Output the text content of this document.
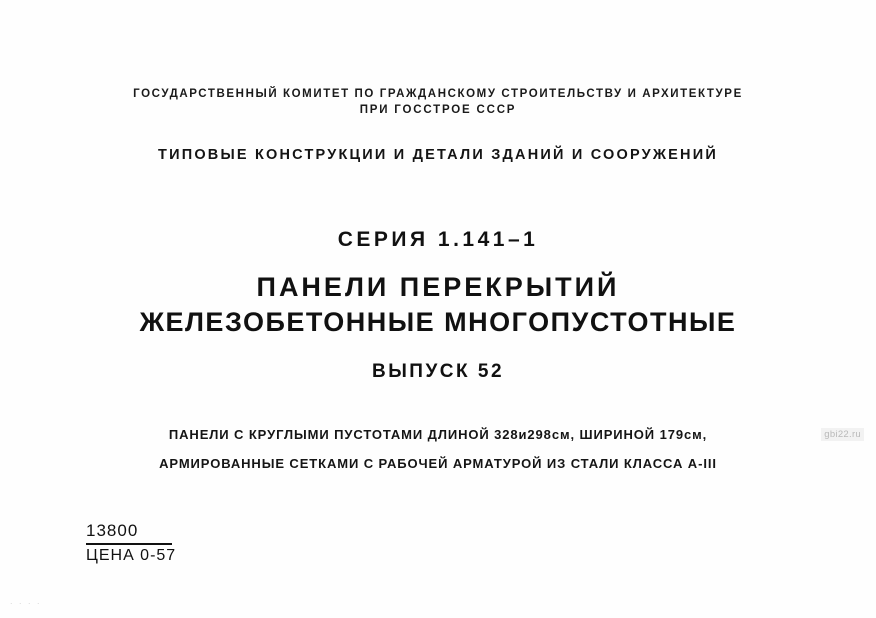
ГОСУДАРСТВЕННЫЙ КОМИТЕТ ПО ГРАЖДАНСКОМУ СТРОИТЕЛЬСТВУ И АРХИТЕКТУРЕ
ПРИ ГОССТРОЕ СССР
ТИПОВЫЕ КОНСТРУКЦИИ И ДЕТАЛИ ЗДАНИЙ И СООРУЖЕНИЙ
СЕРИЯ 1.141–1
ПАНЕЛИ ПЕРЕКРЫТИЙ
ЖЕЛЕЗОБЕТОННЫЕ МНОГОПУСТОТНЫЕ
ВЫПУСК 52
ПАНЕЛИ С КРУГЛЫМИ ПУСТОТАМИ ДЛИНОЙ 328и298см, ШИРИНОЙ 179см,
АРМИРОВАННЫЕ СЕТКАМИ С РАБОЧЕЙ АРМАТУРОЙ ИЗ СТАЛИ КЛАССА А-III
13800
ЦЕНА 0-57
. . . .
gbi22.ru
